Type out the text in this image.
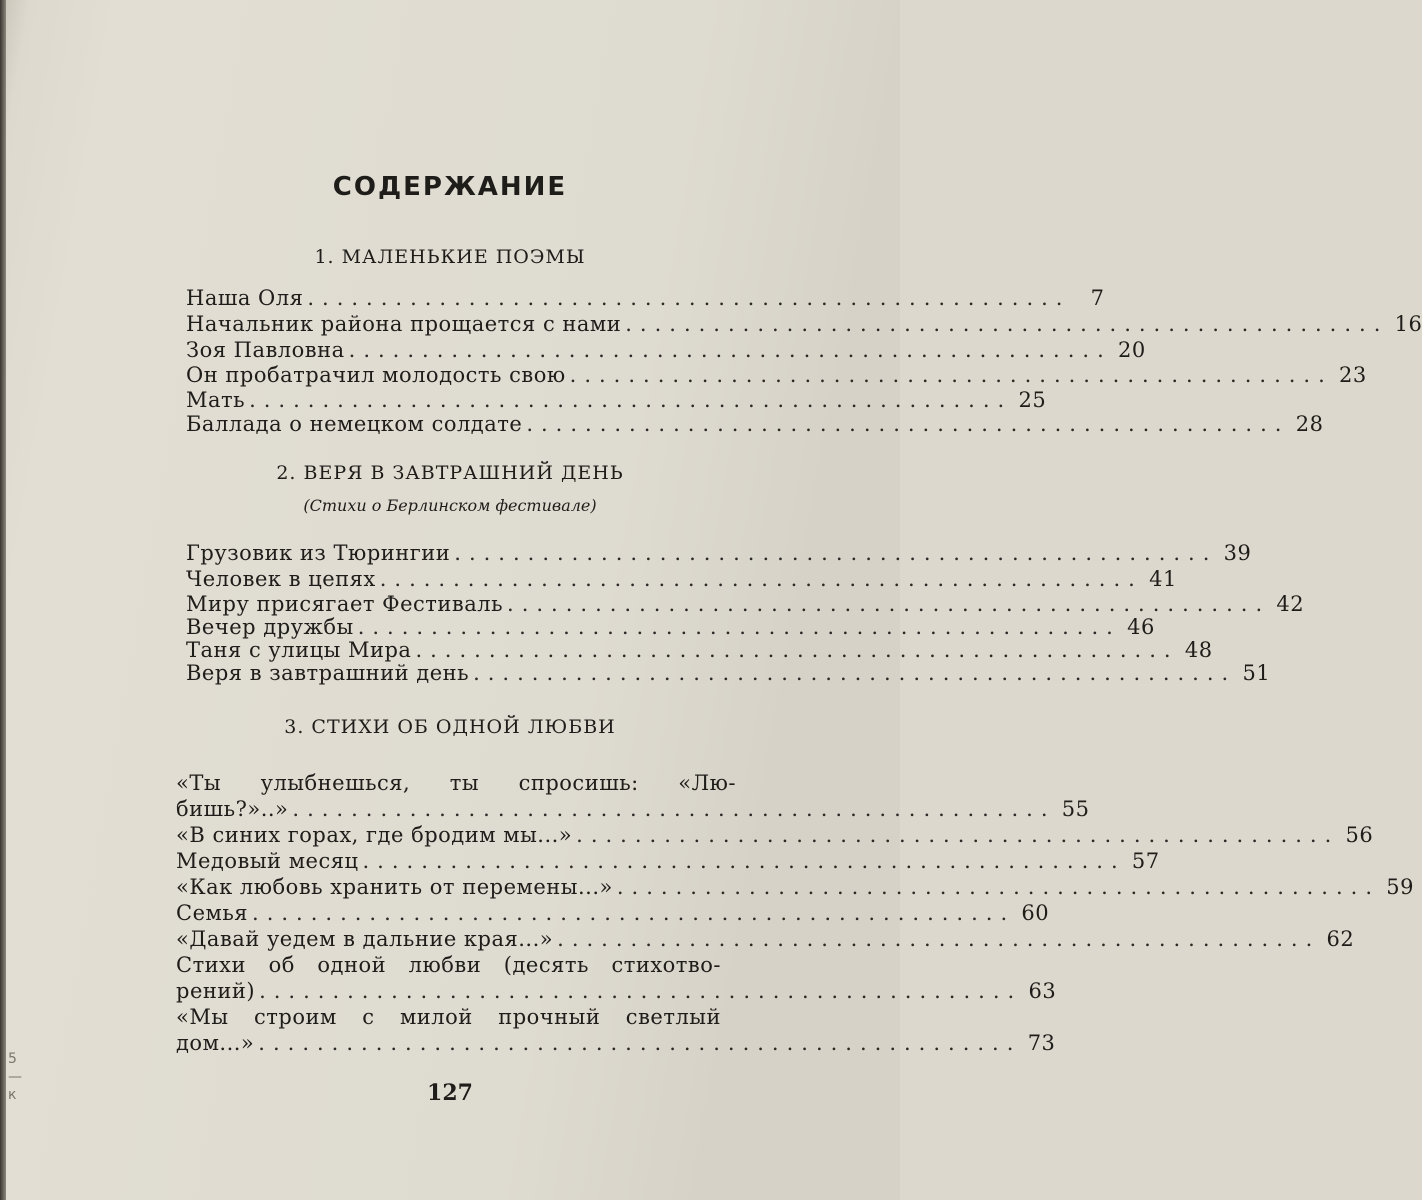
СОДЕРЖАНИЕ
1. МАЛЕНЬКИЕ ПОЭМЫ
Наша Оля .................................................... 7
Начальник района прощается с нами .................................................... 16
Зоя Павловна .................................................... 20
Он пробатрачил молодость свою .................................................... 23
Мать .................................................... 25
Баллада о немецком солдате .................................................... 28
2. ВЕРЯ В ЗАВТРАШНИЙ ДЕНЬ
(Стихи о Берлинском фестивале)
Грузовик из Тюрингии .................................................... 39
Человек в цепях .................................................... 41
Миру присягает Фестиваль .................................................... 42
Вечер дружбы .................................................... 46
Таня с улицы Мира .................................................... 48
Веря в завтрашний день .................................................... 51
3. СТИХИ ОБ ОДНОЙ ЛЮБВИ
«Ты улыбнешься, ты спросишь: «Лю-
бишь?»..» .................................................... 55
«В синих горах, где бродим мы...» .................................................... 56
Медовый месяц .................................................... 57
«Как любовь хранить от перемены...» .................................................... 59
Семья .................................................... 60
«Давай уедем в дальние края...» .................................................... 62
Стихи об одной любви (десять стихотво-
рений) .................................................... 63
«Мы строим с милой прочный светлый
дом...» .................................................... 73
127
5
—
к
